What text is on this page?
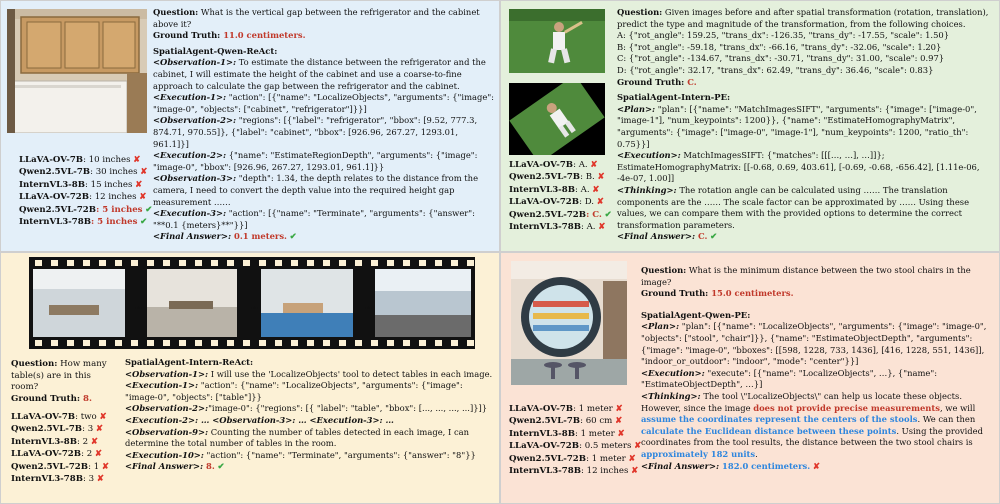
LLaVA-OV-7B: 10 inches ✘
Qwen2.5VL-7B: 30 inches ✘
InternVL3-8B: 15 inches ✘
LLaVA-OV-72B: 12 inches ✘
Qwen2.5VL-72B: 5 inches ✔
InternVL3-78B: 5 inches ✔

Question: What is the vertical gap between the refrigerator and the cabinet above it?

Ground Truth: 11.0 centimeters.

SpatialAgent-Qwen-ReAct:

<Observation-1>: To estimate the distance between the refrigerator and the cabinet, I will estimate the height of the cabinet and use a coarse-to-fine approach to calculate the gap between the refrigerator and the cabinet.

<Execution-1>: "action": [{"name": "LocalizeObjects", "arguments": {"image": "image-0", "objects": ["cabinet", "refrigerator"]}}]

<Observation-2>: "regions": [{"label": "refrigerator", "bbox": [9.52, 777.3, 874.71, 970.55]}, {"label": "cabinet", "bbox": [926.96, 267.27, 1293.01, 961.1]}]

<Execution-2>: {"name": "EstimateRegionDepth", "arguments": {"image": "image-0", "bbox": [926.96, 267.27, 1293.01, 961.1]}}

<Observation-3>: "depth": 1.34, the depth relates to the distance from the camera, I need to convert the depth value into the required height gap measurement ……

<Execution-3>: "action": [{"name": "Terminate", "arguments": {"answer": "**0.1 {meters}**"}}]

<Final Answer>: 0.1 meters. ✔

LLaVA-OV-7B: A. ✘
Qwen2.5VL-7B: B. ✘
InternVL3-8B: A. ✘
LLaVA-OV-72B: D. ✘
Qwen2.5VL-72B: C. ✔
InternVL3-78B: A. ✘

Question: Given images before and after spatial transformation (rotation, translation), predict the type and magnitude of the transformation, from the following choices.

A: {"rot_angle": 159.25, "trans_dx": -126.35, "trans_dy": -17.55, "scale": 1.50}

B: {"rot_angle": -59.18, "trans_dx": -66.16, "trans_dy": -32.06, "scale": 1.20}

C: {"rot_angle": -134.67, "trans_dx": -30.71, "trans_dy": 31.00, "scale": 0.97}

D: {"rot_angle": 32.17, "trans_dx": 62.49, "trans_dy": 36.46, "scale": 0.83}

Ground Truth: C.

SpatialAgent-Intern-PE:

<Plan>: "plan": [{"name": "MatchImagesSIFT", "arguments": {"image": ["image-0", "image-1"], "num_keypoints": 1200}}, {"name": "EstimateHomographyMatrix", "arguments": {"image": ["image-0", "image-1"], "num_keypoints": 1200, "ratio_th": 0.75}}]

<Execution>: MatchImagesSIFT: {"matches": [[[…, …], …]]}; EstimateHomographyMatrix: [[-0.68, 0.69, 403.61], [-0.69, -0.68, -656.42], [1.11e-06, -4e-07, 1.00]]

<Thinking>: The rotation angle can be calculated using …… The translation components are the …… The scale factor can be approximated by …… Using these values, we can compare them with the provided options to determine the correct transformation parameters.

<Final Answer>: C. ✔

…	…	…

Question: How many table(s) are in this room?

Ground Truth: 8.

LLaVA-OV-7B: two ✘
Qwen2.5VL-7B: 3 ✘
InternVL3-8B: 2 ✘
LLaVA-OV-72B: 2 ✘
Qwen2.5VL-72B: 1 ✘
InternVL3-78B: 3 ✘

SpatialAgent-Intern-ReAct:

<Observation-1>: I will use the 'LocalizeObjects' tool to detect tables in each image.

<Execution-1>: "action": {"name": "LocalizeObjects", "arguments": {"image": "image-0", "objects": ["table"]}}

<Observation-2>:"image-0": {"regions": [{ "label": "table", "bbox": [..., ..., ..., ...]}]}

<Execution-2>: … <Observation-3>: … <Execution-3>: …

<Observation-9>: Counting the number of tables detected in each image, I can determine the total number of tables in the room.

<Execution-10>: "action": {"name": "Terminate", "arguments": {"answer": "8"}}

<Final Answer>: 8. ✔

LLaVA-OV-7B: 1 meter ✘
Qwen2.5VL-7B: 60 cm ✘
InternVL3-8B: 1 meter ✘
LLaVA-OV-72B: 0.5 meters ✘
Qwen2.5VL-72B: 1 meter ✘
InternVL3-78B: 12 inches ✘

Question: What is the minimum distance between the two stool chairs in the image?

Ground Truth: 15.0 centimeters.

SpatialAgent-Qwen-PE:

<Plan>: "plan": [{"name": "LocalizeObjects", "arguments": {"image": "image-0", "objects": ["stool", "chair"]}}, {"name": "EstimateObjectDepth", "arguments": {"image": "image-0", "bboxes": [[598, 1228, 733, 1436], [416, 1228, 551, 1436]], "indoor_or_outdoor": "indoor", "mode": "center"}}]

<Execution>: "execute": [{"name": "LocalizeObjects", …}, {"name": "EstimateObjectDepth", …}]

<Thinking>: The tool \"LocalizeObjects\" can help us locate these objects. However, since the image does not provide precise measurements, we will assume the coordinates represent the centers of the stools. We can then calculate the Euclidean distance between these points. Using the provided coordinates from the tool results, the distance between the two stool chairs is approximately 182 units.

<Final Answer>: 182.0 centimeters. ✘
